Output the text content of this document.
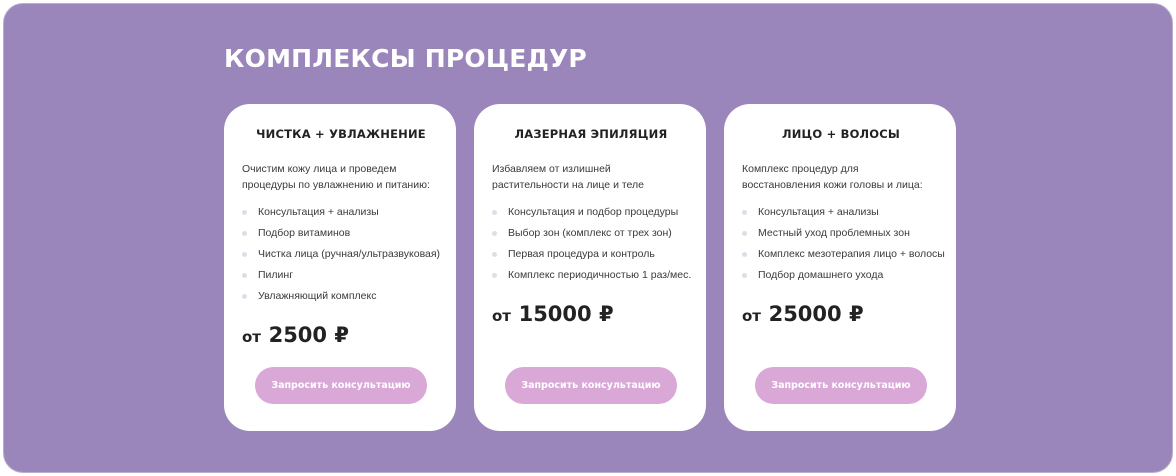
КОМПЛЕКСЫ ПРОЦЕДУР
ЧИСТКА + УВЛАЖНЕНИЕ

Очистим кожу лица и проведем процедуры по увлажнению и питанию:

Консультация + анализы
Подбор витаминов
Чистка лица (ручная/ультразвуковая)
Пилинг
Увлажняющий комплекс
от 2500 ₽
Запросить консультацию
ЛАЗЕРНАЯ ЭПИЛЯЦИЯ

Избавляем от излишней растительности на лице и теле

Консультация и подбор процедуры
Выбор зон (комплекс от трех зон)
Первая процедура и контроль
Комплекс периодичностью 1 раз/мес.
от 15000 ₽
Запросить консультацию
ЛИЦО + ВОЛОСЫ

Комплекс процедур для восстановления кожи головы и лица:

Консультация + анализы
Местный уход проблемных зон
Комплекс мезотерапия лицо + волосы
Подбор домашнего ухода
от 25000 ₽
Запросить консультацию
